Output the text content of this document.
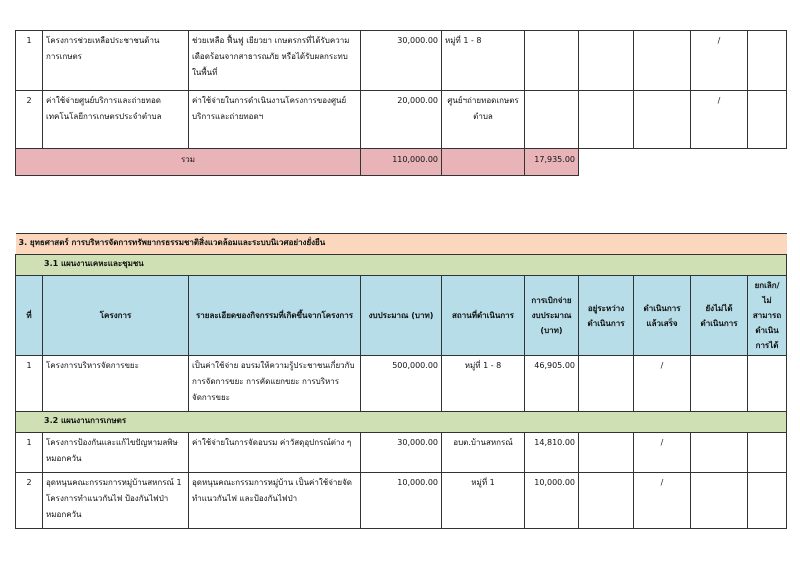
1	โครงการช่วยเหลือประชาชนด้านการเกษตร	ช่วยเหลือ ฟื้นฟู เยียวยา เกษตรกรที่ได้รับความเดือดร้อนจากสาธารณภัย หรือได้รับผลกระทบในพื้นที่	30,000.00	หมู่ที่ 1 - 8				/	
2	ค่าใช้จ่ายศูนย์บริการและถ่ายทอดเทคโนโลยีการเกษตรประจำตำบล	ค่าใช้จ่ายในการดำเนินงานโครงการของศูนย์บริการและถ่ายทอดฯ	20,000.00	ศูนย์ฯถ่ายทอดเกษตรตำบล				/	
รวม			110,000.00		17,935.00				
3. ยุทธศาสตร์ การบริหารจัดการทรัพยากรธรรมชาติสิ่งแวดล้อมและระบบนิเวศอย่างยั่งยืน									
3.1 แผนงานเคหะและชุมชน									
ที่	โครงการ	รายละเอียดของกิจกรรมที่เกิดขึ้นจากโครงการ	งบประมาณ (บาท)	สถานที่ดำเนินการ	การเบิกจ่ายงบประมาณ (บาท)	อยู่ระหว่างดำเนินการ	ดำเนินการแล้วเสร็จ	ยังไม่ได้ดำเนินการ	ยกเลิก/ไม่สามารถดำเนินการได้
1	โครงการบริหารจัดการขยะ	เป็นค่าใช้จ่าย อบรมให้ความรู้ประชาชนเกี่ยวกับการจัดการขยะ การคัดแยกขยะ การบริหารจัดการขยะ	500,000.00	หมู่ที่ 1 - 8	46,905.00		/		
3.2 แผนงานการเกษตร									
1	โครงการป้องกันและแก้ไขปัญหามลพิษ หมอกควัน	ค่าใช้จ่ายในการจัดอบรม ค่าวัสดุอุปกรณ์ต่าง ๆ	30,000.00	อบต.บ้านสหกรณ์	14,810.00		/		
2	อุดหนุนคณะกรรมการหมู่บ้านสหกรณ์ 1 โครงการทำแนวกันไฟ ป้องกันไฟป่าหมอกควัน	อุดหนุนคณะกรรมการหมู่บ้าน เป็นค่าใช้จ่ายจัดทำแนวกันไฟ และป้องกันไฟป่า	10,000.00	หมู่ที่ 1	10,000.00		/		
